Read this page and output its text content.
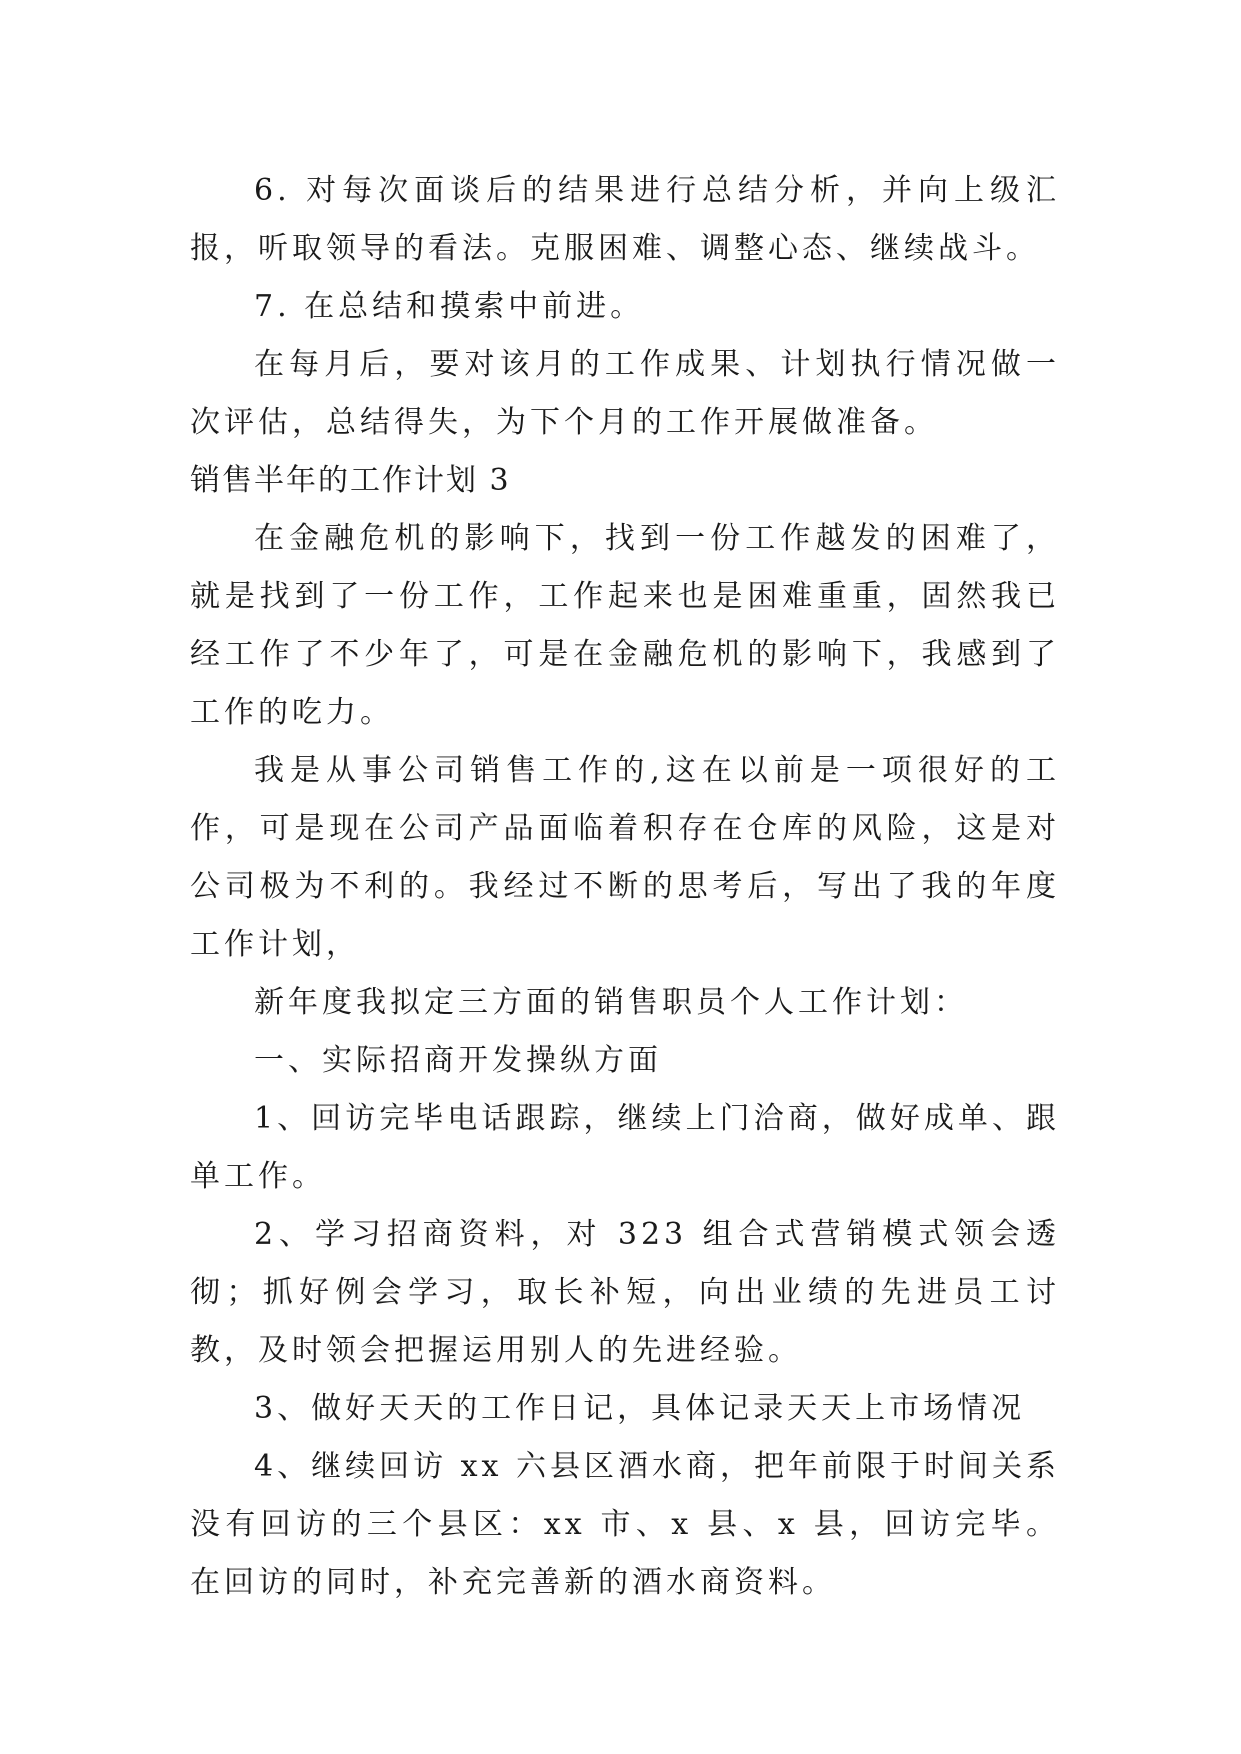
6. 对每次面谈后的结果进行总结分析，并向上级汇报，听取领导的看法。克服困难、调整心态、继续战斗。

7. 在总结和摸索中前进。

在每月后，要对该月的工作成果、计划执行情况做一次评估，总结得失，为下个月的工作开展做准备。

销售半年的工作计划 3

在金融危机的影响下，找到一份工作越发的困难了，就是找到了一份工作，工作起来也是困难重重，固然我已经工作了不少年了，可是在金融危机的影响下，我感到了工作的吃力。

我是从事公司销售工作的,这在以前是一项很好的工作，可是现在公司产品面临着积存在仓库的风险，这是对公司极为不利的。我经过不断的思考后，写出了我的年度工作计划，

新年度我拟定三方面的销售职员个人工作计划：

一、实际招商开发操纵方面

1、回访完毕电话跟踪，继续上门洽商，做好成单、跟单工作。

2、学习招商资料，对 323 组合式营销模式领会透彻；抓好例会学习，取长补短，向出业绩的先进员工讨教，及时领会把握运用别人的先进经验。

3、做好天天的工作日记，具体记录天天上市场情况

4、继续回访 xx 六县区酒水商，把年前限于时间关系没有回访的三个县区：xx 市、x 县、x 县，回访完毕。在回访的同时，补充完善新的酒水商资料。
